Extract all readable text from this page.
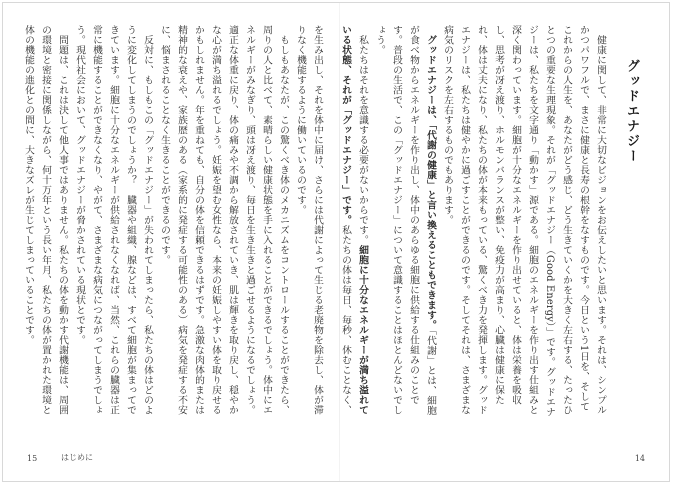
グッドエナジー

健康に関して、非常に大切なビジョンをお伝えしたいと思います。それは、シンプルかつパワフルで、まさに健康と長寿の根幹をなすものです。今日という1日を、そしてこれからの人生を、あなたがどう感じ、どう生きていくかを大きく左右する、たったひとつの重要な生理現象。それが「グッドエナジー（Good Energy）」です。グッドエナジーは、私たちを文字通り「動かす」源である。細胞のエネルギーを作り出す仕組みと深く関わっています。細胞が十分なエネルギーを作り出せていると、体は栄養を吸収し、思考が冴え渡り、ホルモンバランスが整い、免疫力が高まり、心臓は健康に保たれ、体は丈夫になり、私たちの体が本来もっている、驚くべき力を発揮します。グッドエナジーは、私たちは健やかに過ごすことができるのです。そしてそれは、さまざまな病気のリスクを左右するものでもあります。

グッドエナジーは、「代謝の健康」と言い換えることもできます。「代謝」とは、細胞が食べ物からエネルギーを作り出し、体中のあらゆる細胞に供給する仕組みのことです。普段の生活で、この「グッドエナジー」について意識することはほとんどないでしょう。

私たちはそれを意識する必要がないからです。細胞に十分なエネルギーが満ち溢れている状態、それが「グッドエナジー」です。私たちの体は毎日、毎秒、休むことなく、

を生み出し、それを体中に届け、さらには代謝によって生じる老廃物を除去し、体が滞りなく機能するように働いているのです。

もしもあなたが、この驚くべき体のメカニズムをコントロールすることができたら、周りの人と比べて、素晴らしい健康状態を手に入れることができるでしょう。体中にエネルギーがみなぎり、頭は冴え渡り、毎日を生き生きと過ごせるようになるでしょう。適正な体重に戻り、体の痛みや不調から解放されていき、肌は輝きを取り戻し、穏やかな心が満ち溢れるでしょう。妊娠を望む女性なら、本来の妊娠しやすい体を取り戻せるかもしれません。年を重ねても、自分の体を信頼できるはずです。急激な肉体的または精神的な衰えや、家族歴のある（家系的に発症する可能性のある）病気を発症する不安に、悩まされることなく生きることができるのです。

反対に、もしもこの「グッドエナジー」が失われてしまったら、私たちの体はどのように変化してしまうのでしょうか？　臓器や組織、腺などは、すべて細胞が集まってできています。細胞に十分なエネルギーが供給されなくなれば、当然、これらの臓器は正常に機能することができなくなり、やがて、さまざまな病気につながってしまうでしょう。現代社会において、グッドエナジーが脅かされている現状とです。

問題は、これは決して他人事ではありません。私たちの体を動かす代謝機能は、周囲の環境と密接に関係しながら、何十万年という長い年月、私たちの体が置かれた環境と体の機能の進化との間に、大きなズレが生じてしまっていることです。

15	はじめに	14
